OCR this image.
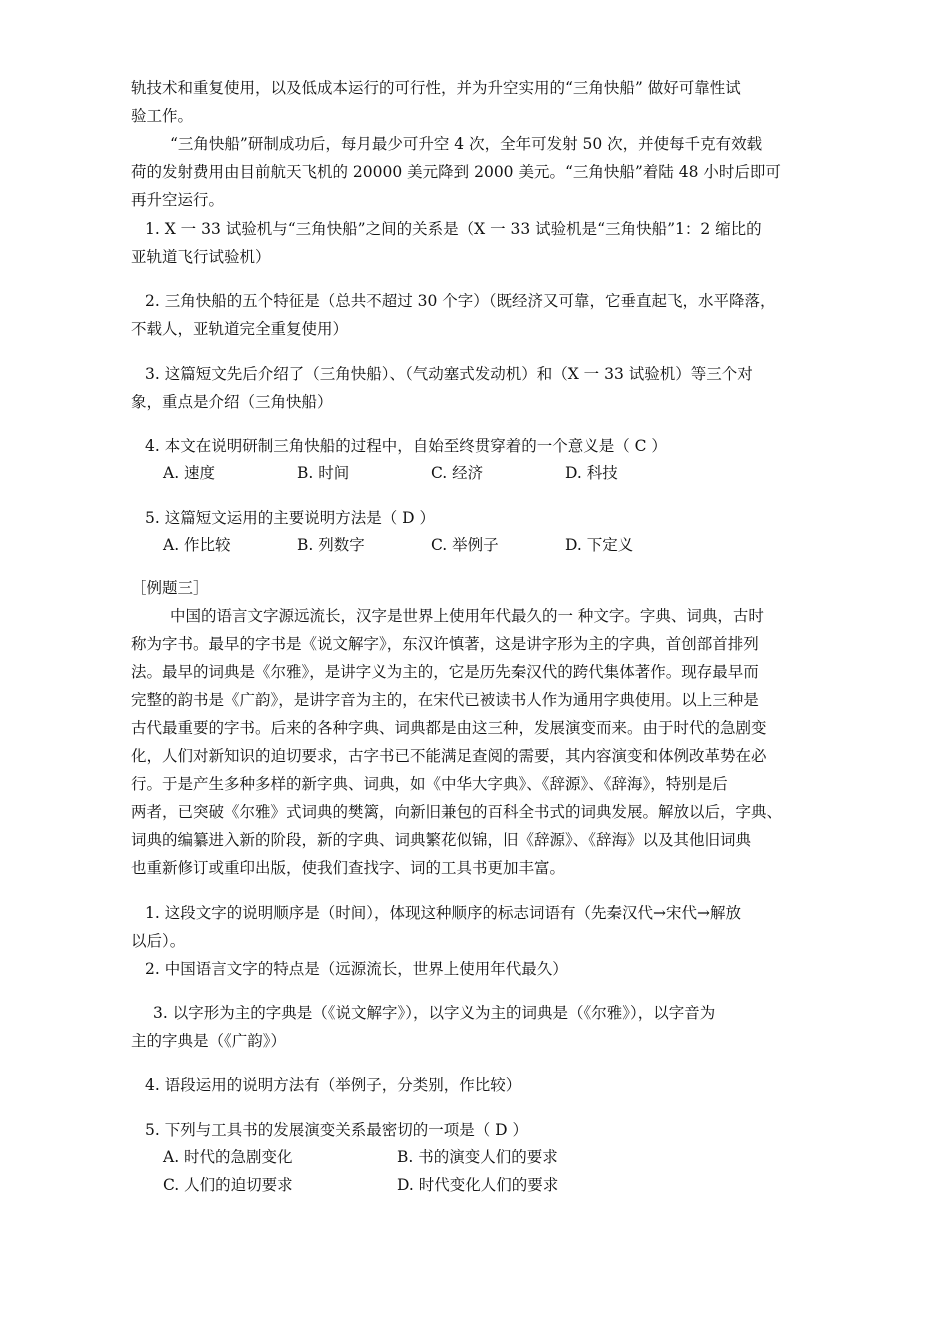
轨技术和重复使用，以及低成本运行的可行性，并为升空实用的“三角快船” 做好可靠性试
验工作。
“三角快船”研制成功后，每月最少可升空 4 次，全年可发射 50 次，并使每千克有效载
荷的发射费用由目前航天飞机的 20000 美元降到 2000 美元。“三角快船”着陆 48 小时后即可
再升空运行。
1. X 一 33 试验机与“三角快船”之间的关系是（X 一 33 试验机是“三角快船”1：2 缩比的
亚轨道飞行试验机）
2. 三角快船的五个特征是（总共不超过 30 个字）（既经济又可靠，它垂直起飞，水平降落，
不载人，亚轨道完全重复使用）
3. 这篇短文先后介绍了（三角快船）、（气动塞式发动机）和（X 一 33 试验机）等三个对
象，重点是介绍（三角快船）
4. 本文在说明研制三角快船的过程中，自始至终贯穿着的一个意义是（ C ）
A. 速度	B. 时间	C. 经济	D. 科技
5. 这篇短文运用的主要说明方法是（ D ）
A. 作比较	B. 列数字	C. 举例子	D. 下定义
［例题三］
中国的语言文字源远流长，汉字是世界上使用年代最久的一 种文字。字典、词典，古时
称为字书。最早的字书是《说文解字》，东汉许慎著，这是讲字形为主的字典，首创部首排列
法。最早的词典是《尔雅》，是讲字义为主的，它是历先秦汉代的跨代集体著作。现存最早而
完整的韵书是《广韵》，是讲字音为主的，在宋代已被读书人作为通用字典使用。以上三种是
古代最重要的字书。后来的各种字典、词典都是由这三种，发展演变而来。由于时代的急剧变
化，人们对新知识的迫切要求，古字书已不能满足查阅的需要，其内容演变和体例改革势在必
行。于是产生多种多样的新字典、词典，如《中华大字典》、《辞源》、《辞海》，特别是后
两者，已突破《尔雅》式词典的樊篱，向新旧兼包的百科全书式的词典发展。解放以后，字典、
词典的编纂进入新的阶段，新的字典、词典繁花似锦，旧《辞源》、《辞海》以及其他旧词典
也重新修订或重印出版，使我们查找字、词的工具书更加丰富。
1. 这段文字的说明顺序是（时间），体现这种顺序的标志词语有（先秦汉代→宋代→解放
以后）。
2. 中国语言文字的特点是（远源流长，世界上使用年代最久）
3. 以字形为主的字典是（《说文解字》），以字义为主的词典是（《尔雅》），以字音为
主的字典是（《广韵》）
4. 语段运用的说明方法有（举例子，分类别，作比较）
5. 下列与工具书的发展演变关系最密切的一项是（ D ）
A. 时代的急剧变化	B. 书的演变人们的要求
C. 人们的迫切要求	D. 时代变化人们的要求
